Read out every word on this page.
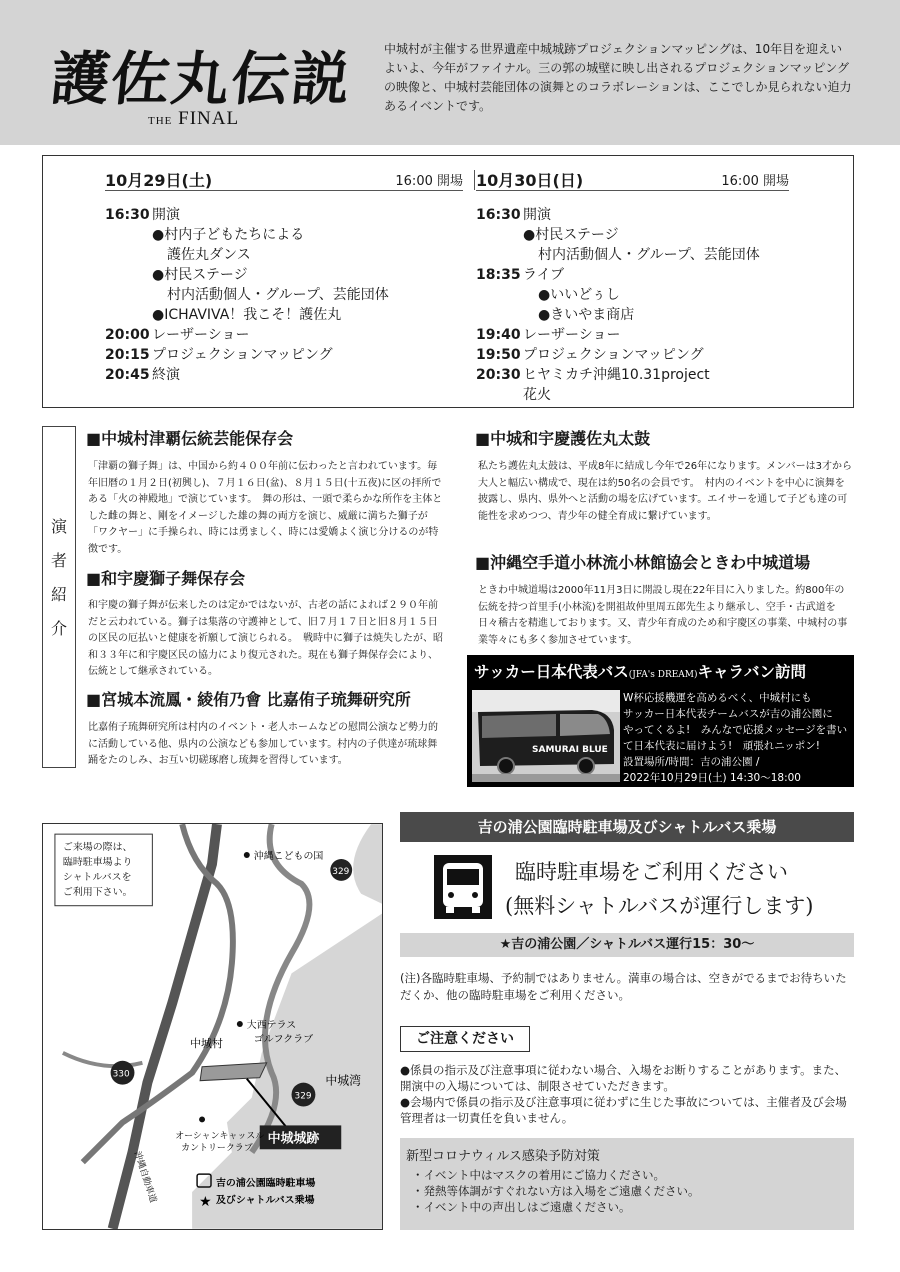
護佐丸伝説
THE FINAL
中城村が主催する世界遺産中城城跡プロジェクションマッピングは、10年目を迎えいよいよ、今年がファイナル。三の郭の城壁に映し出されるプロジェクションマッピングの映像と、中城村芸能団体の演舞とのコラボレーションは、ここでしか見られない迫力あるイベントです。
10月29日(土)	16:00 開場
16:30 開演
●村内子どもたちによる
護佐丸ダンス
●村民ステージ
村内活動個人・グループ、芸能団体
●ICHAVIVA！我こそ！護佐丸
20:00 レーザーショー
20:15 プロジェクションマッピング
20:45 終演
10月30日(日)	16:00 開場
16:30 開演
●村民ステージ
村内活動個人・グループ、芸能団体
18:35 ライブ
●いいどぅし
●きいやま商店
19:40 レーザーショー
19:50 プロジェクションマッピング
20:30 ヒヤミカチ沖縄10.31project
花火
演
者
紹
介
■中城村津覇伝統芸能保存会
「津覇の獅子舞」は、中国から約４００年前に伝わったと言われています。毎年旧暦の１月２日(初興し)、７月１６日(盆)、８月１５日(十五夜)に区の拝所である「火の神殿地」で演じています。　舞の形は、一頭で柔らかな所作を主体とした雌の舞と、剛をイメージした雄の舞の両方を演じ、威厳に満ちた獅子が「ワクヤー」に手操られ、時には勇ましく、時には愛嬌よく演じ分けるのが特徴です。
■和宇慶獅子舞保存会
和宇慶の獅子舞が伝来したのは定かではないが、古老の話によれば２９０年前だと云われている。獅子は集落の守護神として、旧７月１７日と旧８月１５日の区民の厄払いと健康を祈願して演じられる。　戦時中に獅子は焼失したが、昭和３３年に和宇慶区民の協力により復元された。現在も獅子舞保存会により、伝統として継承されている。
■宮城本流鳳・綾侑乃會 比嘉侑子琉舞研究所
比嘉侑子琉舞研究所は村内のイベント・老人ホームなどの慰問公演など勢力的に活動している他、県内の公演なども参加しています。村内の子供達が琉球舞踊をたのしみ、お互い切磋琢磨し琉舞を習得しています。
■中城和宇慶護佐丸太鼓
私たち護佐丸太鼓は、平成8年に結成し今年で26年になります。メンバーは3才から大人と幅広い構成で、現在は約50名の会員です。　村内のイベントを中心に演舞を披露し、県内、県外へと活動の場を広げています。エイサーを通して子ども達の可能性を求めつつ、青少年の健全育成に繋げています。
■沖縄空手道小林流小林館協会ときわ中城道場
ときわ中城道場は2000年11月3日に開設し現在22年目に入りました。約800年の伝統を持つ首里手(小林流)を開祖故仲里周五郎先生より継承し、空手・古武道を日々稽古を精進しております。又、青少年育成のため和宇慶区の事業、中城村の事業等々にも多く参加させています。
サッカー日本代表バス(JFA's DREAM)キャラバン訪問
SAMURAI BLUE
W杯応援機運を高めるべく、中城村にも
サッカー日本代表チームバスが吉の浦公園に
やってくるよ!　みんなで応援メッセージを書い
て日本代表に届けよう!　頑張れニッポン!
設置場所/時間：吉の浦公園 /
2022年10月29日(土) 14:30～18:00
ご来場の際は、 臨時駐車場より シャトルバスを ご利用下さい。
沖縄こどもの国
329
大西テラス
ゴルフクラブ
中城村
中城湾
330
329
中城城跡
オーシャンキャッスル
カントリークラブ
沖縄自動車道	★
吉の浦公園臨時駐車場
及びシャトルバス乗場
吉の浦公園臨時駐車場及びシャトルバス乗場
臨時駐車場をご利用ください
(無料シャトルバスが運行します)
★吉の浦公園／シャトルバス運行15：30～
(注)各臨時駐車場、予約制ではありません。満車の場合は、空きがでるまでお待ちいただくか、他の臨時駐車場をご利用ください。
ご注意ください
●係員の指示及び注意事項に従わない場合、入場をお断りすることがあります。また、開演中の入場については、制限させていただきます。
●会場内で係員の指示及び注意事項に従わずに生じた事故については、主催者及び会場管理者は一切責任を負いません。
新型コロナウィルス感染予防対策
・イベント中はマスクの着用にご協力ください。
・発熱等体調がすぐれない方は入場をご遠慮ください。
・イベント中の声出しはご遠慮ください。
